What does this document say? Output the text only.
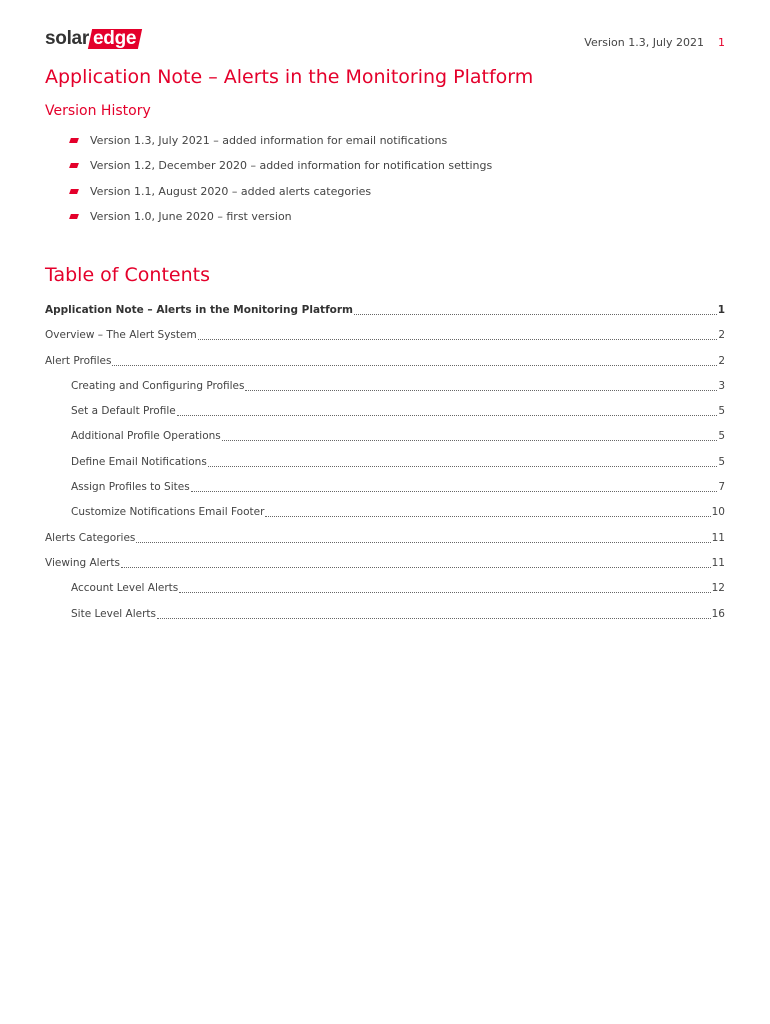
solar edge	Version 1.3, July 2021 1
Application Note – Alerts in the Monitoring Platform
Version History
Version 1.3, July 2021 – added information for email notifications
Version 1.2, December 2020 – added information for notification settings
Version 1.1, August 2020 – added alerts categories
Version 1.0, June 2020 – first version
Table of Contents
Application Note – Alerts in the Monitoring Platform	1
Overview – The Alert System	2
Alert Profiles	2
Creating and Configuring Profiles	3
Set a Default Profile	5
Additional Profile Operations	5
Define Email Notifications	5
Assign Profiles to Sites	7
Customize Notifications Email Footer	10
Alerts Categories	11
Viewing Alerts	11
Account Level Alerts	12
Site Level Alerts	16
